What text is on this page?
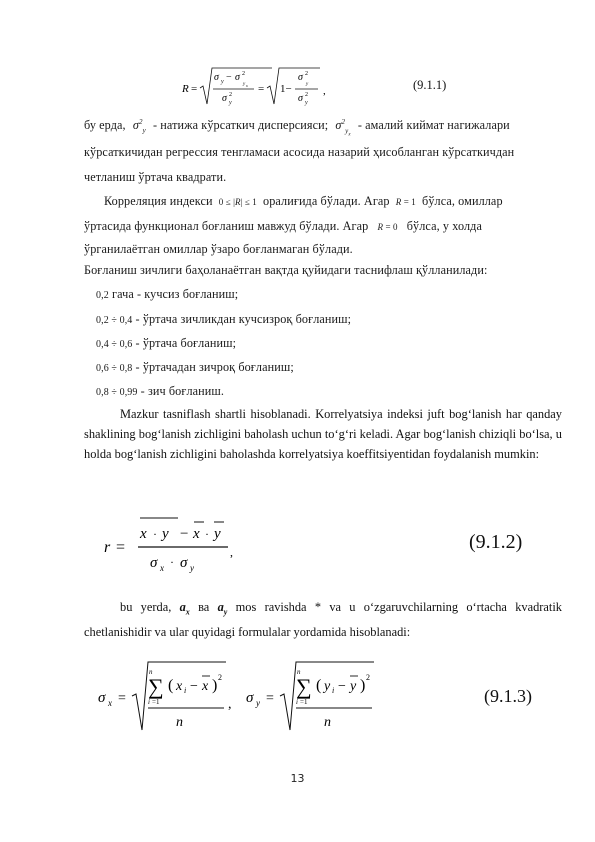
R =
σ y − σ 2
y x
σ 2
y
= 1−
σ 2
y
σ 2
y
,	(9.1.1)
бу ерда, $\sigma^2_y$ - натижа кўрсаткич дисперсияси; $\sigma^2_{y_x}$ - амалий киймат нагижалари
кўрсаткичидан регрессия тенгламаси асосида назарий ҳисобланган кўрсаткичдан
четланиш ўртача квадрати.
Корреляция индекси 0 ≤ |R| ≤ 1 оралиғида бўлади. Агар R = 1 бўлса, омиллар
ўртасида функционал боғланиш мавжуд бўлади. Агар R = 0 бўлса, у холда
ўрганилаётган омиллар ўзаро боғланмаган бўлади.
Боғланиш зичлиги баҳоланаётган вақтда қуйидаги таснифлаш қўлланилади:
0,2 гача - кучсиз боғланиш;
0,2 ÷ 0,4 - ўртача зичликдан кучсизроқ боғланиш;
0,4 ÷ 0,6 - ўртача боғланиш;
0,6 ÷ 0,8 - ўртачадан зичроқ боғланиш;
0,8 ÷ 0,99 - зич боғланиш.
Mazkur tasniflash shartli hisoblanadi. Korrelyatsiya indeksi juft bog‘lanish har qanday shaklining bog‘lanish zichligini baholash uchun to‘g‘ri keladi. Agar bog‘lanish chiziqli bo‘lsa, u holda bog‘lanish zichligini baholashda korrelyatsiya koeffitsiyentidan foydalanish mumkin:
r =
x · y − x · y
σ x · σ y
,	(9.1.2)
bu yerda, $a_x$ ва $a_y$ mos ravishda * va u o‘zgaruvchilarning o‘rtacha kvadratik chetlanishidir va ular quyidagi formulalar yordamida hisoblanadi:
σ x =
n
∑
i =1
( x i − x ) 2
n
, σ y =
n
∑
i =1
( y i − y ) 2
n
(9.1.3)
13
